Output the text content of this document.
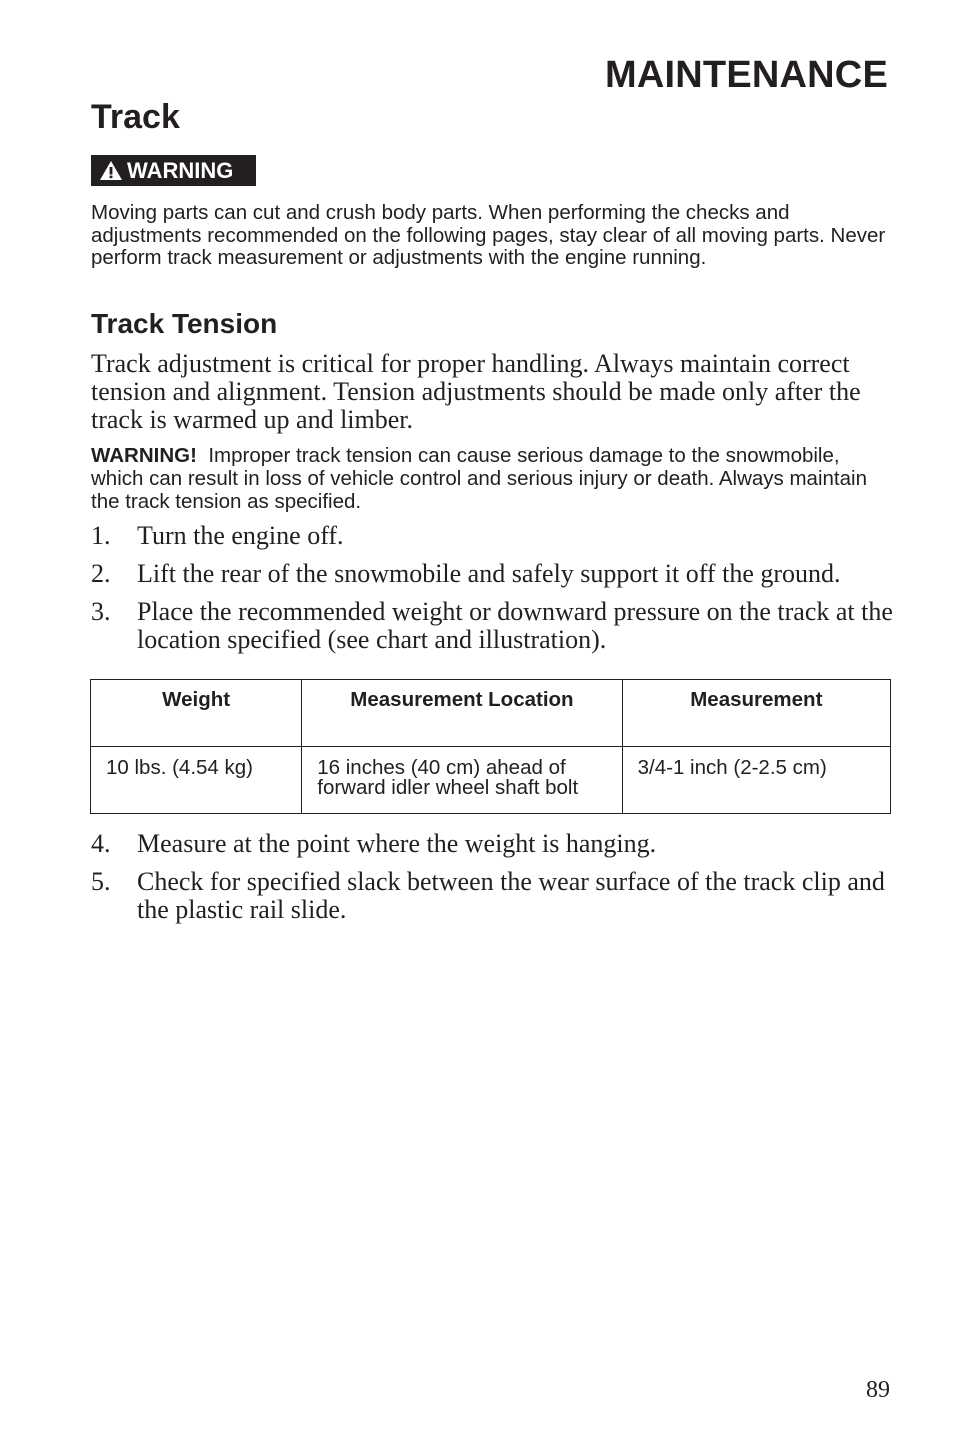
MAINTENANCE
Track
WARNING
Moving parts can cut and crush body parts. When performing the checks and adjustments recommended on the following pages, stay clear of all moving parts. Never perform track measurement or adjustments with the engine running.
Track Tension
Track adjustment is critical for proper handling. Always maintain correct tension and alignment. Tension adjustments should be made only after the track is warmed up and limber.
WARNING! Improper track tension can cause serious damage to the snowmobile, which can result in loss of vehicle control and serious injury or death. Always maintain the track tension as specified.
1.	Turn the engine off.
2.	Lift the rear of the snowmobile and safely support it off the ground.
3.	Place the recommended weight or downward pressure on the track at the location specified (see chart and illustration).
Weight	Measurement Location	Measurement
10 lbs. (4.54 kg)	16 inches (40 cm) ahead of forward idler wheel shaft bolt	3/4-1 inch (2-2.5 cm)
4.	Measure at the point where the weight is hanging.
5.	Check for specified slack between the wear surface of the track clip and the plastic rail slide.
89
